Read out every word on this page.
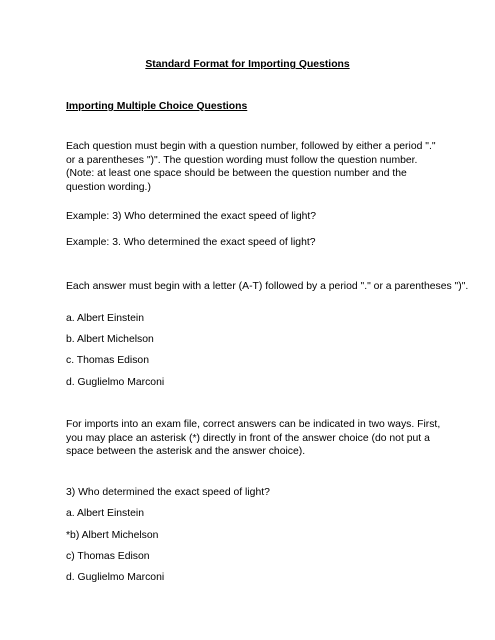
Standard Format for Importing Questions

Importing Multiple Choice Questions

Each question must begin with a question number, followed by either a period "." or a parentheses ")". The question wording must follow the question number. (Note: at least one space should be between the question number and the question wording.)

Example: 3) Who determined the exact speed of light?

Example: 3. Who determined the exact speed of light?

Each answer must begin with a letter (A-T) followed by a period "." or a parentheses ")".

a. Albert Einstein

b. Albert Michelson

c. Thomas Edison

d. Guglielmo Marconi

For imports into an exam file, correct answers can be indicated in two ways. First, you may place an asterisk (*) directly in front of the answer choice (do not put a space between the asterisk and the answer choice).

3) Who determined the exact speed of light?

a. Albert Einstein

*b) Albert Michelson

c) Thomas Edison

d. Guglielmo Marconi
